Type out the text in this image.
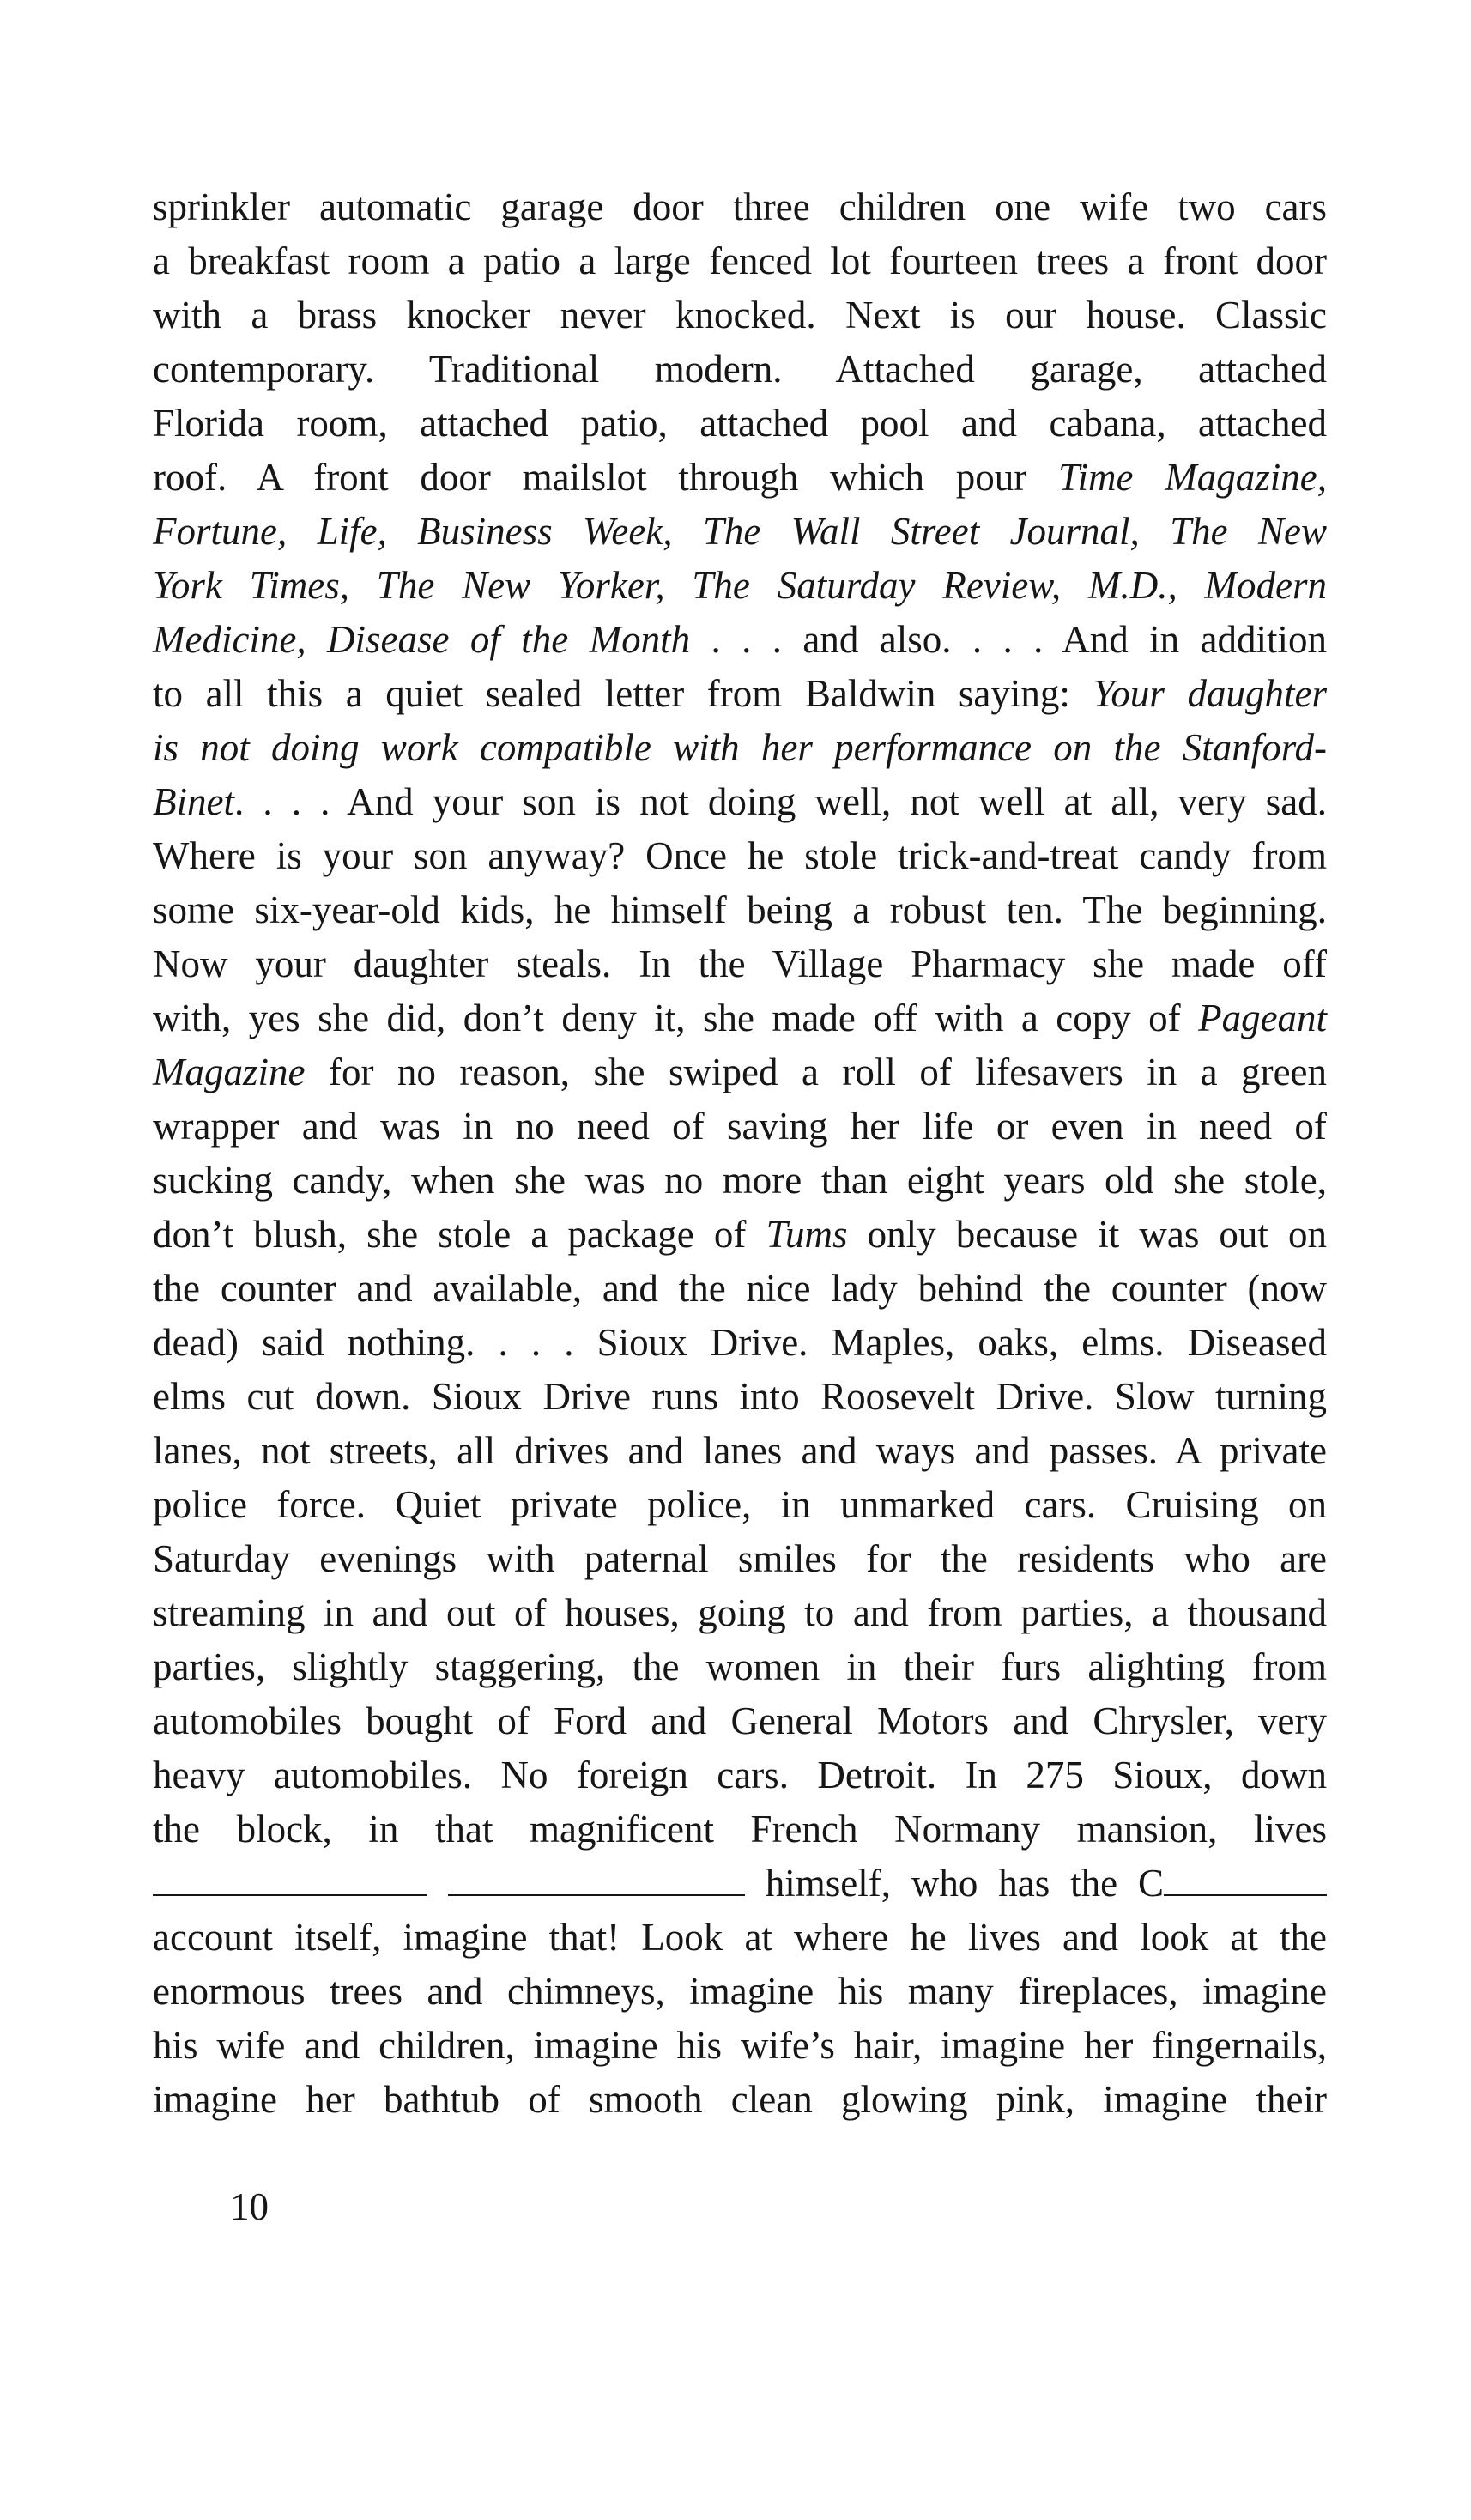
sprinkler automatic garage door three children one wife two cars
a breakfast room a patio a large fenced lot fourteen trees a front door
with a brass knocker never knocked. Next is our house. Classic
contemporary. Traditional modern. Attached garage, attached
Florida room, attached patio, attached pool and cabana, attached
roof. A front door mailslot through which pour Time Magazine,
Fortune, Life, Business Week, The Wall Street Journal, The New
York Times, The New Yorker, The Saturday Review, M.D., Modern
Medicine, Disease of the Month . . . and also. . . . And in addition
to all this a quiet sealed letter from Baldwin saying: Your daughter
is not doing work compatible with her performance on the Stanford-
Binet. . . . And your son is not doing well, not well at all, very sad.
Where is your son anyway? Once he stole trick-and-treat candy from
some six-year-old kids, he himself being a robust ten. The beginning.
Now your daughter steals. In the Village Pharmacy she made off
with, yes she did, don’t deny it, she made off with a copy of Pageant
Magazine for no reason, she swiped a roll of lifesavers in a green
wrapper and was in no need of saving her life or even in need of
sucking candy, when she was no more than eight years old she stole,
don’t blush, she stole a package of Tums only because it was out on
the counter and available, and the nice lady behind the counter (now
dead) said nothing. . . . Sioux Drive. Maples, oaks, elms. Diseased
elms cut down. Sioux Drive runs into Roosevelt Drive. Slow turning
lanes, not streets, all drives and lanes and ways and passes. A private
police force. Quiet private police, in unmarked cars. Cruising on
Saturday evenings with paternal smiles for the residents who are
streaming in and out of houses, going to and from parties, a thousand
parties, slightly staggering, the women in their furs alighting from
automobiles bought of Ford and General Motors and Chrysler, very
heavy automobiles. No foreign cars. Detroit. In 275 Sioux, down
the block, in that magnificent French Normany mansion, lives
himself, who has the C
account itself, imagine that! Look at where he lives and look at the
enormous trees and chimneys, imagine his many fireplaces, imagine
his wife and children, imagine his wife’s hair, imagine her fingernails,
imagine her bathtub of smooth clean glowing pink, imagine their
10
